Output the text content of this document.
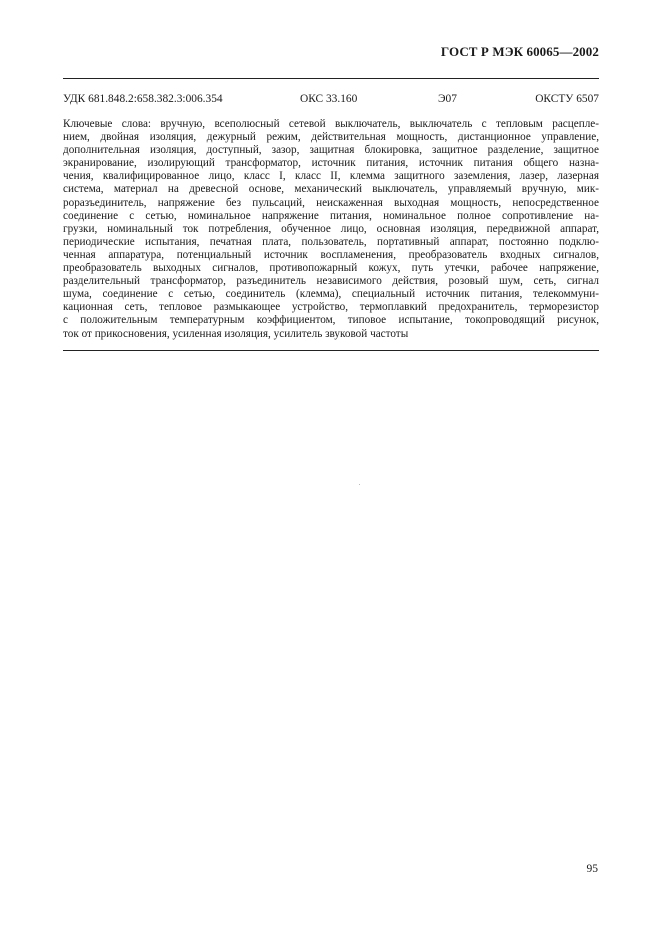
ГОСТ Р МЭК 60065—2002
УДК 681.848.2:658.382.3:006.354	ОКС 33.160	Э07	ОКСТУ 6507
Ключевые слова: вручную, всеполюсный сетевой выключатель, выключатель с тепловым расцепле-
нием, двойная изоляция, дежурный режим, действительная мощность, дистанционное управление,
дополнительная изоляция, доступный, зазор, защитная блокировка, защитное разделение, защитное
экранирование, изолирующий трансформатор, источник питания, источник питания общего назна-
чения, квалифицированное лицо, класс I, класс II, клемма защитного заземления, лазер, лазерная
система, материал на древесной основе, механический выключатель, управляемый вручную, мик-
роразъединитель, напряжение без пульсаций, неискаженная выходная мощность, непосредственное
соединение с сетью, номинальное напряжение питания, номинальное полное сопротивление на-
грузки, номинальный ток потребления, обученное лицо, основная изоляция, передвижной аппарат,
периодические испытания, печатная плата, пользователь, портативный аппарат, постоянно подклю-
ченная аппаратура, потенциальный источник воспламенения, преобразователь входных сигналов,
преобразователь выходных сигналов, противопожарный кожух, путь утечки, рабочее напряжение,
разделительный трансформатор, разъединитель независимого действия, розовый шум, сеть, сигнал
шума, соединение с сетью, соединитель (клемма), специальный источник питания, телекоммуни-
кационная сеть, тепловое размыкающее устройство, термоплавкий предохранитель, терморезистор
с положительным температурным коэффициентом, типовое испытание, токопроводящий рисунок,
ток от прикосновения, усиленная изоляция, усилитель звуковой частоты
95
